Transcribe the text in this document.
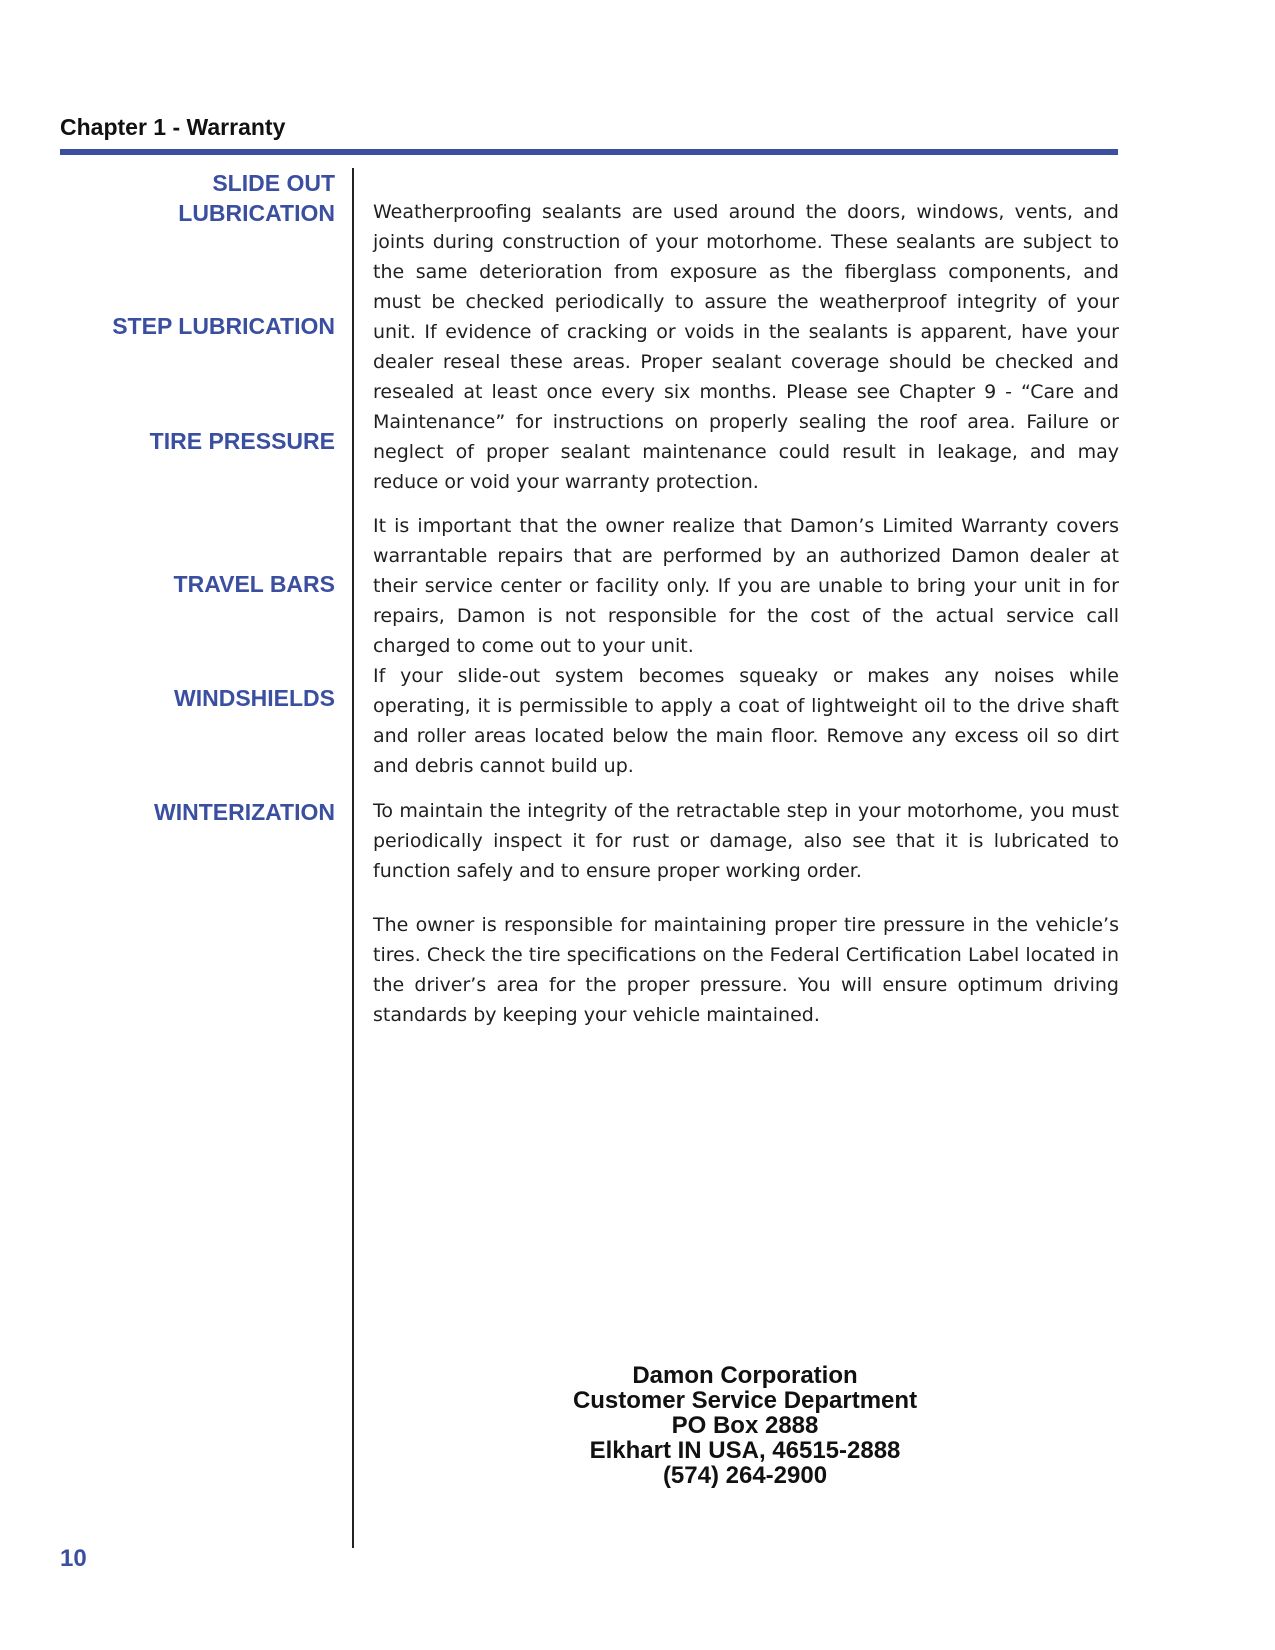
Chapter 1 - Warranty
SLIDE OUT
LUBRICATION
STEP LUBRICATION
TIRE PRESSURE
TRAVEL BARS
WINDSHIELDS
WINTERIZATION

Weatherproofing sealants are used around the doors, windows, vents, and joints during construction of your motorhome. These sealants are subject to the same deterioration from exposure as the fiberglass components, and must be checked periodically to assure the weatherproof integrity of your unit. If evidence of cracking or voids in the sealants is apparent, have your dealer reseal these areas. Proper sealant coverage should be checked and resealed at least once every six months. Please see Chapter 9 - “Care and Maintenance” for instructions on properly sealing the roof area. Failure or neglect of proper sealant maintenance could result in leakage, and may reduce or void your warranty protection.

It is important that the owner realize that Damon’s Limited Warranty covers warrantable repairs that are performed by an authorized Damon dealer at their service center or facility only. If you are unable to bring your unit in for repairs, Damon is not responsible for the cost of the actual service call charged to come out to your unit.

If your slide-out system becomes squeaky or makes any noises while operating, it is permissible to apply a coat of lightweight oil to the drive shaft and roller areas located below the main floor. Remove any excess oil so dirt and debris cannot build up.

To maintain the integrity of the retractable step in your motorhome, you must periodically inspect it for rust or damage, also see that it is lubricated to function safely and to ensure proper working order.

The owner is responsible for maintaining proper tire pressure in the vehicle’s tires. Check the tire specifications on the Federal Certification Label located in the driver’s area for the proper pressure. You will ensure optimum driving standards by keeping your vehicle maintained.

Damon Corporation
Customer Service Department
PO Box 2888
Elkhart IN USA, 46515-2888
(574) 264-2900
10
